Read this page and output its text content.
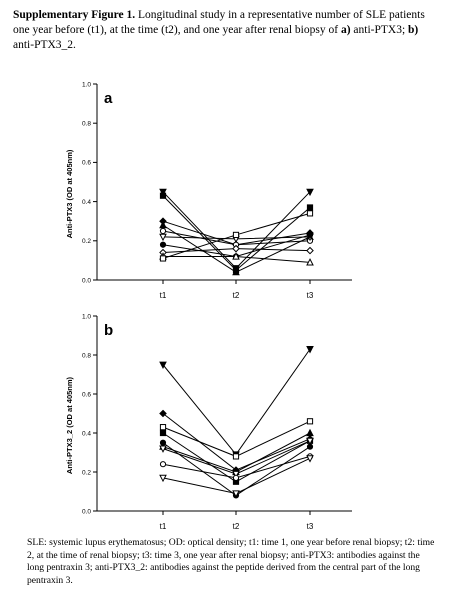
Supplementary Figure 1. Longitudinal study in a representative number of SLE patients one year before (t1), at the time (t2), and one year after renal biopsy of a) anti-PTX3; b) anti-PTX3_2.
0.0
0.2
0.4
0.6
0.8
1.0
t1	t2	t3
Anti-PTX3 (OD at 405nm)
a
0.0
0.2
0.4
0.6
0.8
1.0
t1	t2	t3
Anti-PTX3_2 (OD at 405nm)
b
SLE: systemic lupus erythematosus; OD: optical density; t1: time 1, one year before renal biopsy; t2: time 2, at the time of renal biopsy; t3: time 3, one year after renal biopsy; anti-PTX3: antibodies against the long pentraxin 3; anti-PTX3_2: antibodies against the peptide derived from the central part of the long pentraxin 3.
